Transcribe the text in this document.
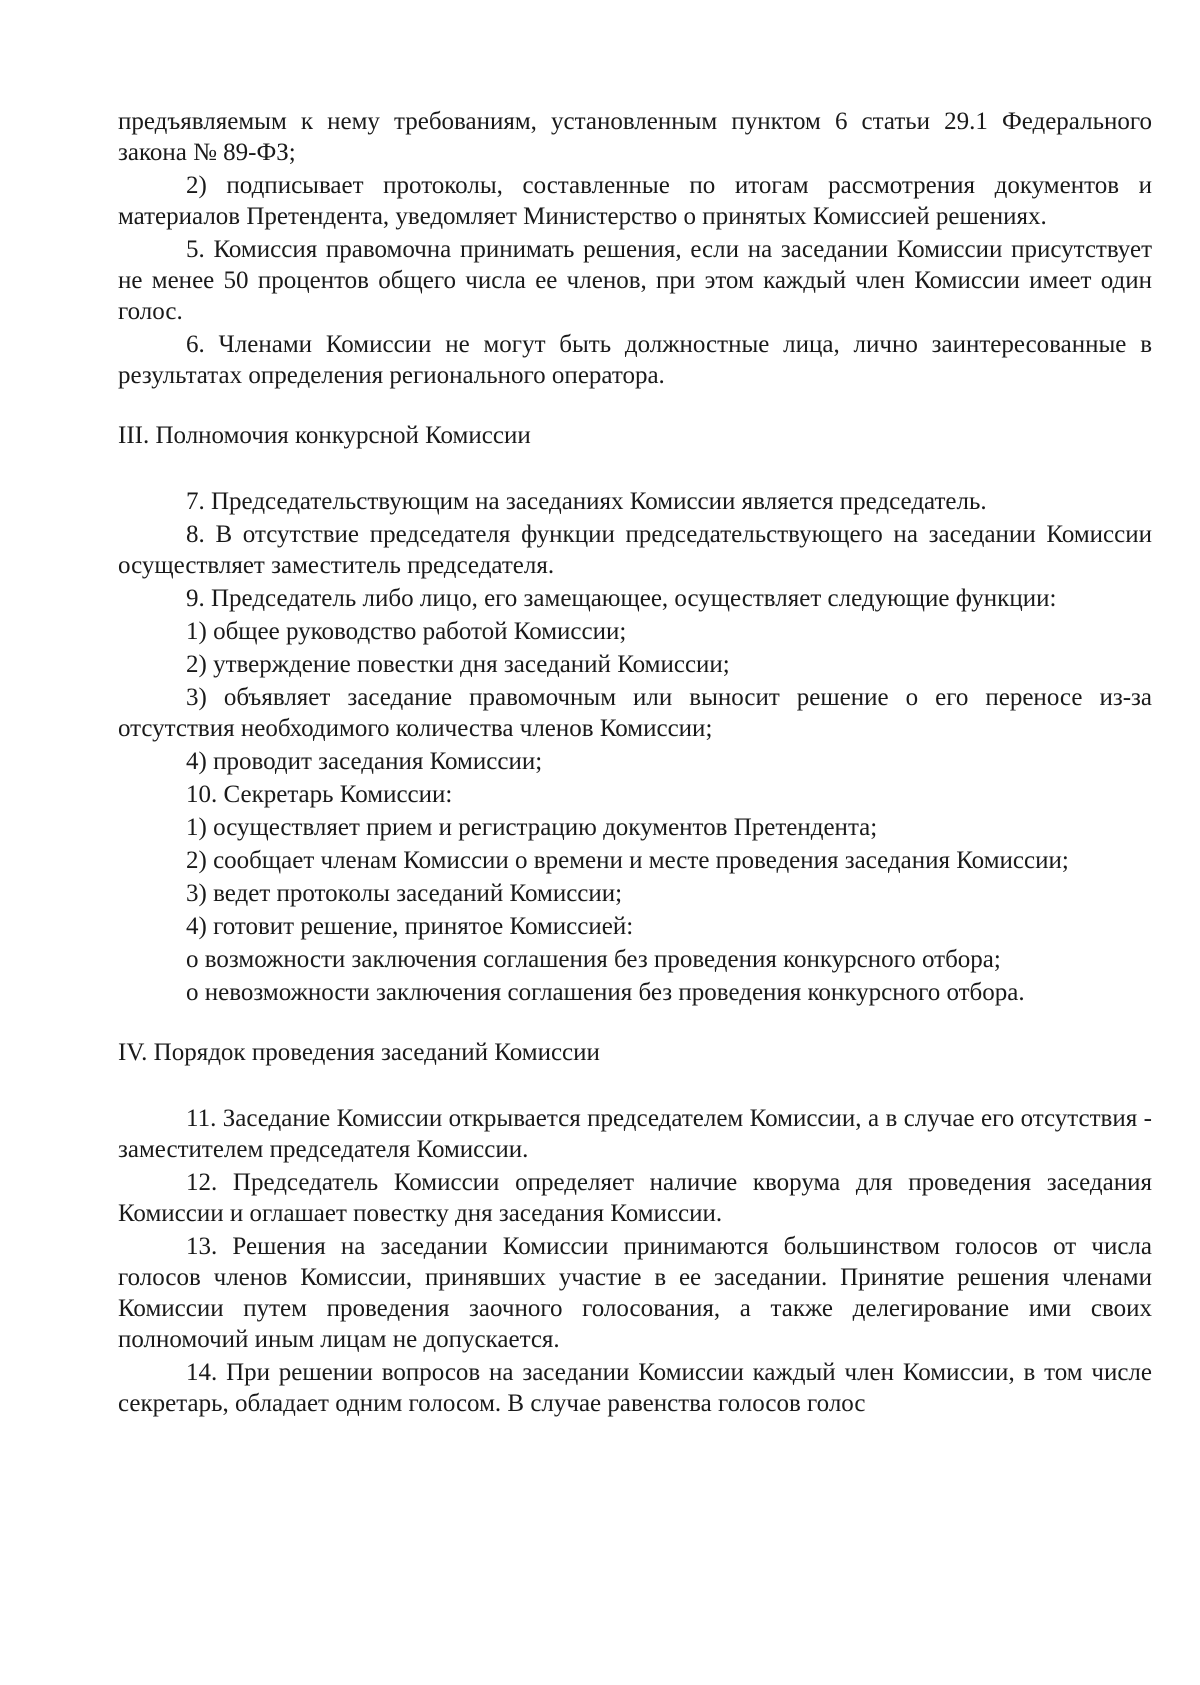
предъявляемым к нему требованиям, установленным пунктом 6 статьи 29.1 Федерального закона № 89-ФЗ;

2) подписывает протоколы, составленные по итогам рассмотрения документов и материалов Претендента, уведомляет Министерство о принятых Комиссией решениях.

5. Комиссия правомочна принимать решения, если на заседании Комиссии присутствует не менее 50 процентов общего числа ее членов, при этом каждый член Комиссии имеет один голос.

6. Членами Комиссии не могут быть должностные лица, лично заинтересованные в результатах определения регионального оператора.

III. Полномочия конкурсной Комиссии

7. Председательствующим на заседаниях Комиссии является председатель.

8. В отсутствие председателя функции председательствующего на заседании Комиссии осуществляет заместитель председателя.

9. Председатель либо лицо, его замещающее, осуществляет следующие функции:

1) общее руководство работой Комиссии;

2) утверждение повестки дня заседаний Комиссии;

3) объявляет заседание правомочным или выносит решение о его переносе из-за отсутствия необходимого количества членов Комиссии;

4) проводит заседания Комиссии;

10. Секретарь Комиссии:

1) осуществляет прием и регистрацию документов Претендента;

2) сообщает членам Комиссии о времени и месте проведения заседания Комиссии;

3) ведет протоколы заседаний Комиссии;

4) готовит решение, принятое Комиссией:

о возможности заключения соглашения без проведения конкурсного отбора;

о невозможности заключения соглашения без проведения конкурсного отбора.

IV. Порядок проведения заседаний Комиссии

11. Заседание Комиссии открывается председателем Комиссии, а в случае его отсутствия - заместителем председателя Комиссии.

12. Председатель Комиссии определяет наличие кворума для проведения заседания Комиссии и оглашает повестку дня заседания Комиссии.

13. Решения на заседании Комиссии принимаются большинством голосов от числа голосов членов Комиссии, принявших участие в ее заседании. Принятие решения членами Комиссии путем проведения заочного голосования, а также делегирование ими своих полномочий иным лицам не допускается.

14. При решении вопросов на заседании Комиссии каждый член Комиссии, в том числе секретарь, обладает одним голосом. В случае равенства голосов голос
